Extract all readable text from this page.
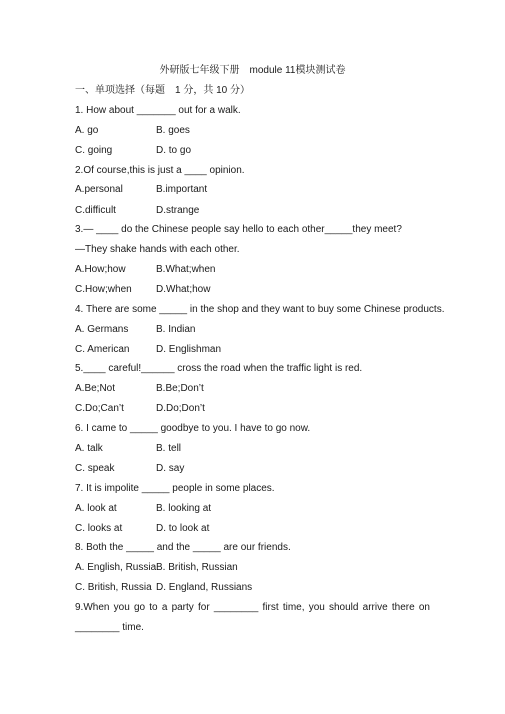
外研版七年级下册　module 11模块测试卷
一、单项选择（每题　1 分，共 10 分）
1. How about _______ out for a walk.
A. go	B. goes
C. going	D. to go
2.Of course,this is just a ____ opinion.
A.personal	B.important
C.difficult	D.strange
3.— ____ do the Chinese people say hello to each other_____they meet?
—They shake hands with each other.
A.How;how	B.What;when
C.How;when D.What;how
4. There are some _____ in the shop and they want to buy some Chinese products.
A. Germans	B. Indian
C. American	D. Englishman
5.____ careful!______ cross the road when the traffic light is red.
A.Be;Not	B.Be;Don’t
C.Do;Can’t	D.Do;Don’t
6. I came to _____ goodbye to you. I have to go now.
A. talk	B. tell
C. speak	D. say
7. It is impolite _____ people in some places.
A. look at	B. looking at
C. looks at	D. to look at
8. Both the _____ and the _____ are our friends.
A. English, Russia B. British, Russian
C. British, Russia D. England, Russians
9.When you go to a party for ________ first time, you should arrive there on
________ time.
